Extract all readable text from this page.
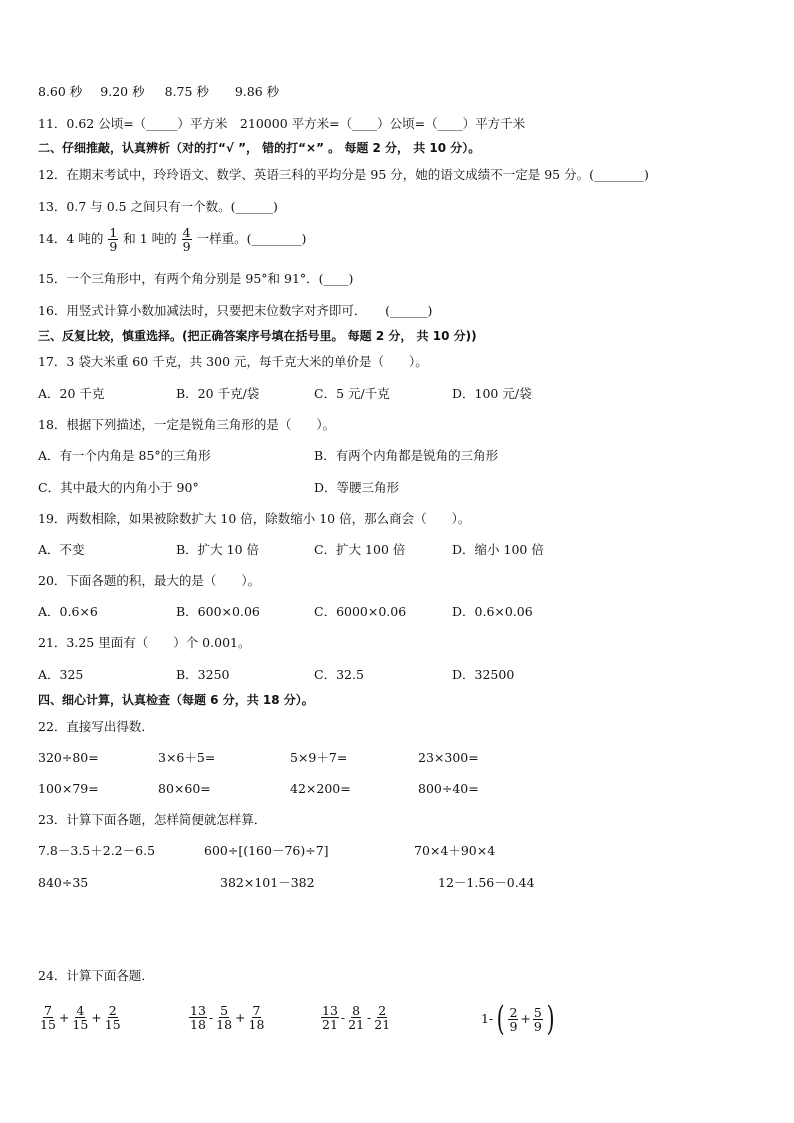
8.60 秒 9.20 秒 8.75 秒 9.86 秒
11．0.62 公顷=（_____）平方米　210000 平方米=（____）公顷=（____）平方千米
二、仔细推敲，认真辨析（对的打“√ ”， 错的打“×” 。 每题 2 分， 共 10 分）。
12．在期末考试中，玲玲语文、数学、英语三科的平均分是 95 分，她的语文成绩不一定是 95 分。(________)
13．0.7 与 0.5 之间只有一个数。(______)
14．4 吨的 $\frac{1}{9}$ 和 1 吨的 $\frac{4}{9}$ 一样重。(________)
15．一个三角形中，有两个角分别是 95°和 91°．(____)
16．用竖式计算小数加减法时，只要把末位数字对齐即可．　　(______)
三、反复比较，慎重选择。(把正确答案序号填在括号里。 每题 2 分， 共 10 分))
17．3 袋大米重 60 千克，共 300 元，每千克大米的单价是（　　）。
A．20 千克	B．20 千克/袋	C．5 元/千克	D．100 元/袋
18．根据下列描述，一定是锐角三角形的是（　　）。
A．有一个内角是 85°的三角形	B．有两个内角都是锐角的三角形
C．其中最大的内角小于 90°	D．等腰三角形
19．两数相除，如果被除数扩大 10 倍，除数缩小 10 倍，那么商会（　　）。
A．不变	B．扩大 10 倍	C．扩大 100 倍	D．缩小 100 倍
20．下面各题的积，最大的是（　　）。
A．0.6×6	B．600×0.06	C．6000×0.06	D．0.6×0.06
21．3.25 里面有（　　）个 0.001。
A．325	B．3250	C．32.5	D．32500
四、细心计算，认真检查（每题 6 分，共 18 分）。
22．直接写出得数．
320÷80=	3×6＋5=	5×9＋7=	23×300=
100×79=	80×60=	42×200=	800÷40=
23．计算下面各题，怎样简便就怎样算．
7.8－3.5＋2.2－6.5	600÷[(160－76)÷7]	70×4＋90×4
840÷35	382×101－382	12－1.56－0.44
24．计算下面各题．
$\frac{7}{15} + \frac{4}{15} + \frac{2}{15}$	$\frac{13}{18} - \frac{5}{18} + \frac{7}{18}$	$\frac{13}{21} - \frac{8}{21} - \frac{2}{21}$	1- ( $\frac{2}{9} + \frac{5}{9}$ )
